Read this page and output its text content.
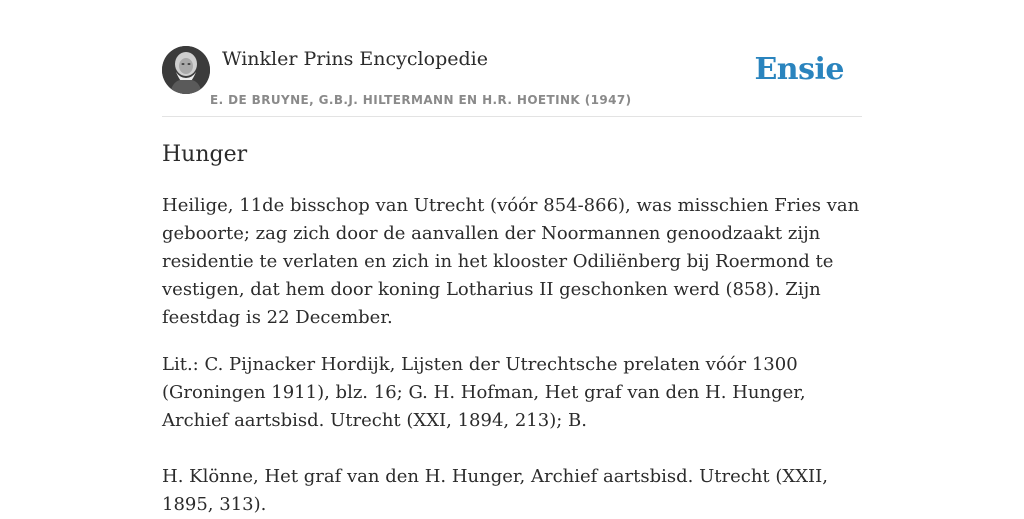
Winkler Prins Encyclopedie
E. DE BRUYNE, G.B.J. HILTERMANN EN H.R. HOETINK (1947)
Ensie
Hunger

Heilige, 11de bisschop van Utrecht (vóór 854-866), was misschien Fries van geboorte; zag zich door de aanvallen der Noormannen genoodzaakt zijn residentie te verlaten en zich in het klooster Odiliënberg bij Roermond te vestigen, dat hem door koning Lotharius II geschonken werd (858). Zijn feestdag is 22 December.

Lit.: C. Pijnacker Hordijk, Lijsten der Utrechtsche prelaten vóór 1300 (Groningen 1911), blz. 16; G. H. Hofman, Het graf van den H. Hunger, Archief aartsbisd. Utrecht (XXI, 1894, 213); B.

H. Klönne, Het graf van den H. Hunger, Archief aartsbisd. Utrecht (XXII, 1895, 313).
